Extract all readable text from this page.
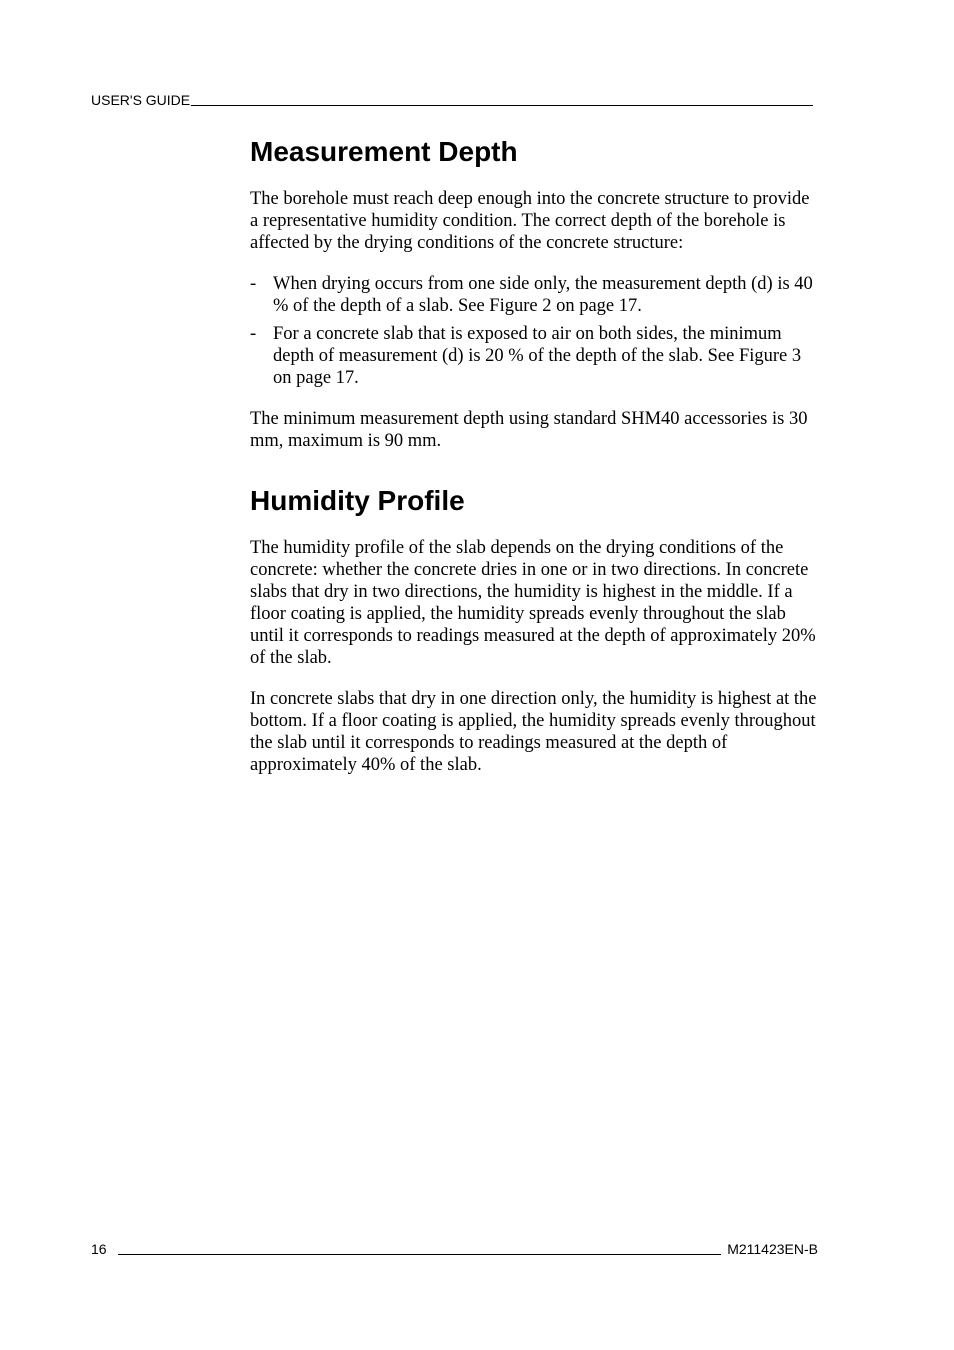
USER'S GUIDE
Measurement Depth

The borehole must reach deep enough into the concrete structure to provide a representative humidity condition. The correct depth of the borehole is affected by the drying conditions of the concrete structure:

- When drying occurs from one side only, the measurement depth (d) is 40 % of the depth of a slab. See Figure 2 on page 17.
- For a concrete slab that is exposed to air on both sides, the minimum depth of measurement (d) is 20 % of the depth of the slab. See Figure 3 on page 17.

The minimum measurement depth using standard SHM40 accessories is 30 mm, maximum is 90 mm.

Humidity Profile

The humidity profile of the slab depends on the drying conditions of the concrete: whether the concrete dries in one or in two directions. In concrete slabs that dry in two directions, the humidity is highest in the middle. If a floor coating is applied, the humidity spreads evenly throughout the slab until it corresponds to readings measured at the depth of approximately 20% of the slab.

In concrete slabs that dry in one direction only, the humidity is highest at the bottom. If a floor coating is applied, the humidity spreads evenly throughout the slab until it corresponds to readings measured at the depth of approximately 40% of the slab.

16	M211423EN-B
